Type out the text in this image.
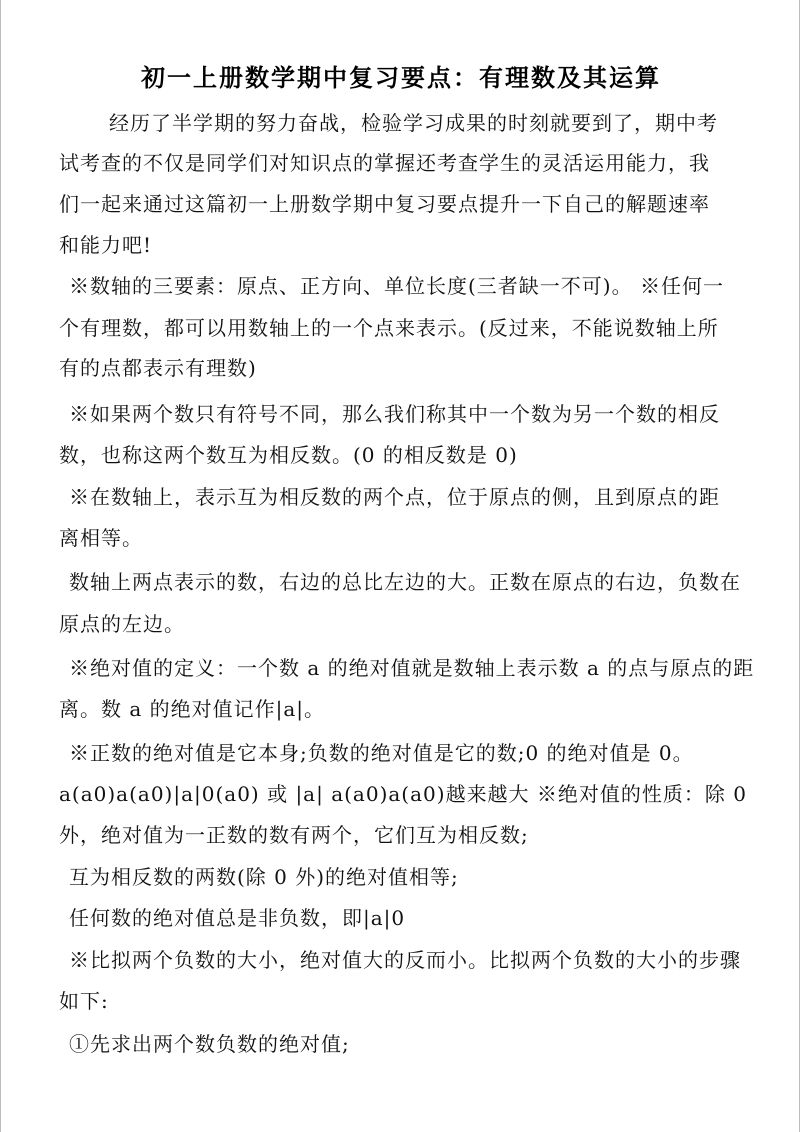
初一上册数学期中复习要点：有理数及其运算
经历了半学期的努力奋战，检验学习成果的时刻就要到了，期中考
试考查的不仅是同学们对知识点的掌握还考查学生的灵活运用能力，我
们一起来通过这篇初一上册数学期中复习要点提升一下自己的解题速率
和能力吧!
※数轴的三要素：原点、正方向、单位长度(三者缺一不可)。 ※任何一
个有理数，都可以用数轴上的一个点来表示。(反过来，不能说数轴上所
有的点都表示有理数)
※如果两个数只有符号不同，那么我们称其中一个数为另一个数的相反
数，也称这两个数互为相反数。(0 的相反数是 0)
※在数轴上，表示互为相反数的两个点，位于原点的侧，且到原点的距
离相等。
数轴上两点表示的数，右边的总比左边的大。正数在原点的右边，负数在
原点的左边。
※绝对值的定义：一个数 a 的绝对值就是数轴上表示数 a 的点与原点的距
离。数 a 的绝对值记作|a|。
※正数的绝对值是它本身;负数的绝对值是它的数;0 的绝对值是 0。
a(a0)a(a0)|a|0(a0) 或 |a| a(a0)a(a0)越来越大 ※绝对值的性质：除 0
外，绝对值为一正数的数有两个，它们互为相反数;
互为相反数的两数(除 0 外)的绝对值相等;
任何数的绝对值总是非负数，即|a|0
※比拟两个负数的大小，绝对值大的反而小。比拟两个负数的大小的步骤
如下:
①先求出两个数负数的绝对值;
